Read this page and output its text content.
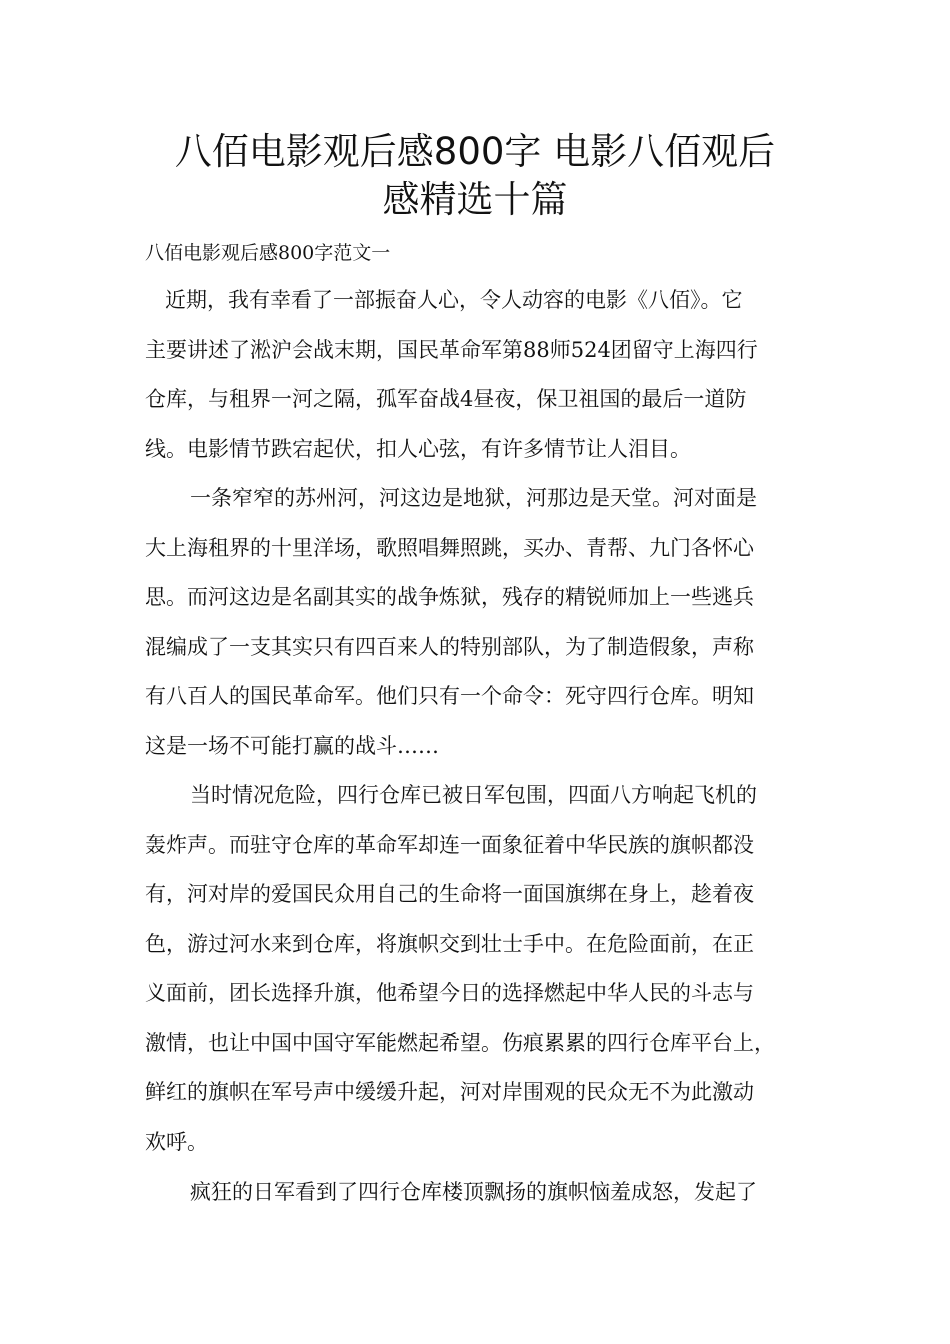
八佰电影观后感800字 电影八佰观后
感精选十篇

八佰电影观后感800字范文一

近期，我有幸看了一部振奋人心，令人动容的电影《八佰》。它
主要讲述了淞沪会战末期，国民革命军第88师524团留守上海四行
仓库，与租界一河之隔，孤军奋战4昼夜，保卫祖国的最后一道防
线。电影情节跌宕起伏，扣人心弦，有许多情节让人泪目。

一条窄窄的苏州河，河这边是地狱，河那边是天堂。河对面是
大上海租界的十里洋场，歌照唱舞照跳，买办、青帮、九门各怀心
思。而河这边是名副其实的战争炼狱，残存的精锐师加上一些逃兵
混编成了一支其实只有四百来人的特别部队，为了制造假象，声称
有八百人的国民革命军。他们只有一个命令：死守四行仓库。明知
这是一场不可能打赢的战斗……

当时情况危险，四行仓库已被日军包围，四面八方响起飞机的
轰炸声。而驻守仓库的革命军却连一面象征着中华民族的旗帜都没
有，河对岸的爱国民众用自己的生命将一面国旗绑在身上，趁着夜
色，游过河水来到仓库，将旗帜交到壮士手中。在危险面前，在正
义面前，团长选择升旗，他希望今日的选择燃起中华人民的斗志与
激情，也让中国中国守军能燃起希望。伤痕累累的四行仓库平台上，
鲜红的旗帜在军号声中缓缓升起，河对岸围观的民众无不为此激动
欢呼。

疯狂的日军看到了四行仓库楼顶飘扬的旗帜恼羞成怒，发起了
